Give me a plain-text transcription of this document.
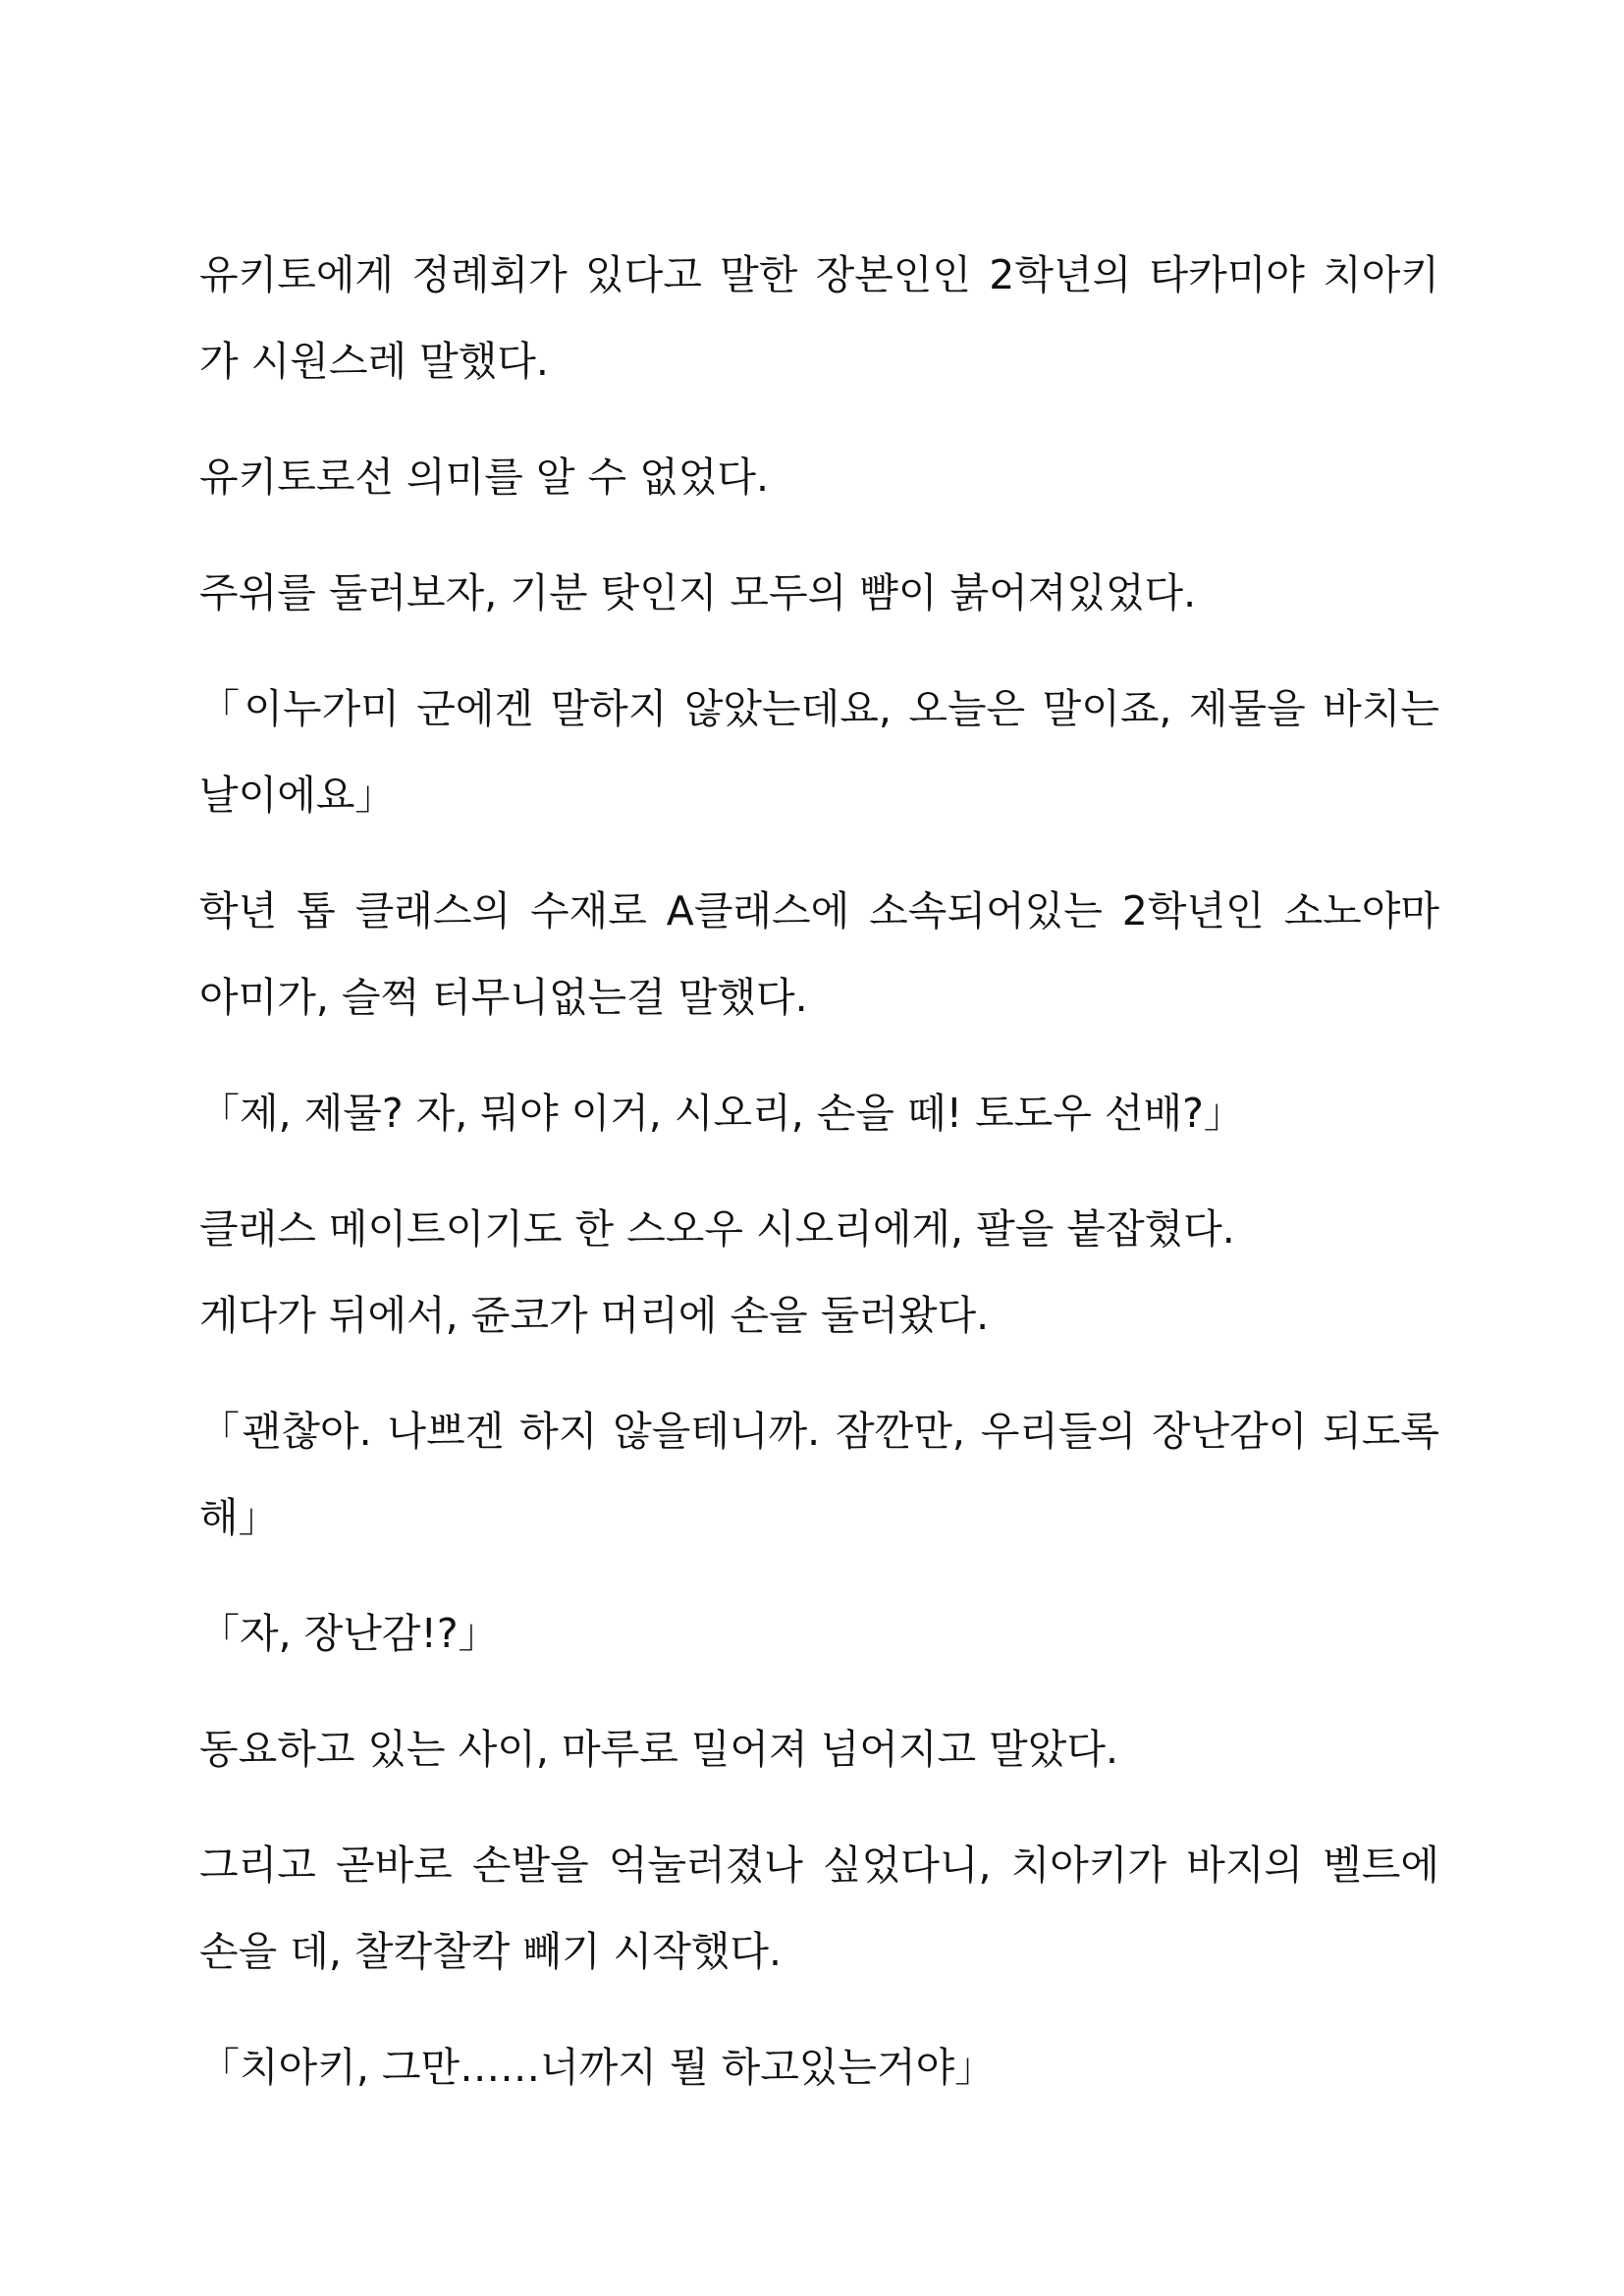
유키토에게 정례회가 있다고 말한 장본인인 2학년의 타카미야 치아키가 시원스레 말했다.

유키토로선 의미를 알 수 없었다.

주위를 둘러보자, 기분 탓인지 모두의 뺨이 붉어져있었다.

「이누가미 군에겐 말하지 않았는데요, 오늘은 말이죠, 제물을 바치는 날이에요」

학년 톱 클래스의 수재로 A클래스에 소속되어있는 2학년인 소노야마 아미가, 슬쩍 터무니없는걸 말했다.

「제, 제물? 자, 뭐야 이거, 시오리, 손을 떼! 토도우 선배?」

클래스 메이트이기도 한 스오우 시오리에게, 팔을 붙잡혔다.

게다가 뒤에서, 쥰코가 머리에 손을 둘러왔다.

「괜찮아. 나쁘겐 하지 않을테니까. 잠깐만, 우리들의 장난감이 되도록 해」

「자, 장난감!?」

동요하고 있는 사이, 마루로 밀어져 넘어지고 말았다.

그리고 곧바로 손발을 억눌러졌나 싶었다니, 치아키가 바지의 벨트에 손을 데, 찰칵찰칵 빼기 시작했다.

「치아키, 그만……너까지 뭘 하고있는거야」
